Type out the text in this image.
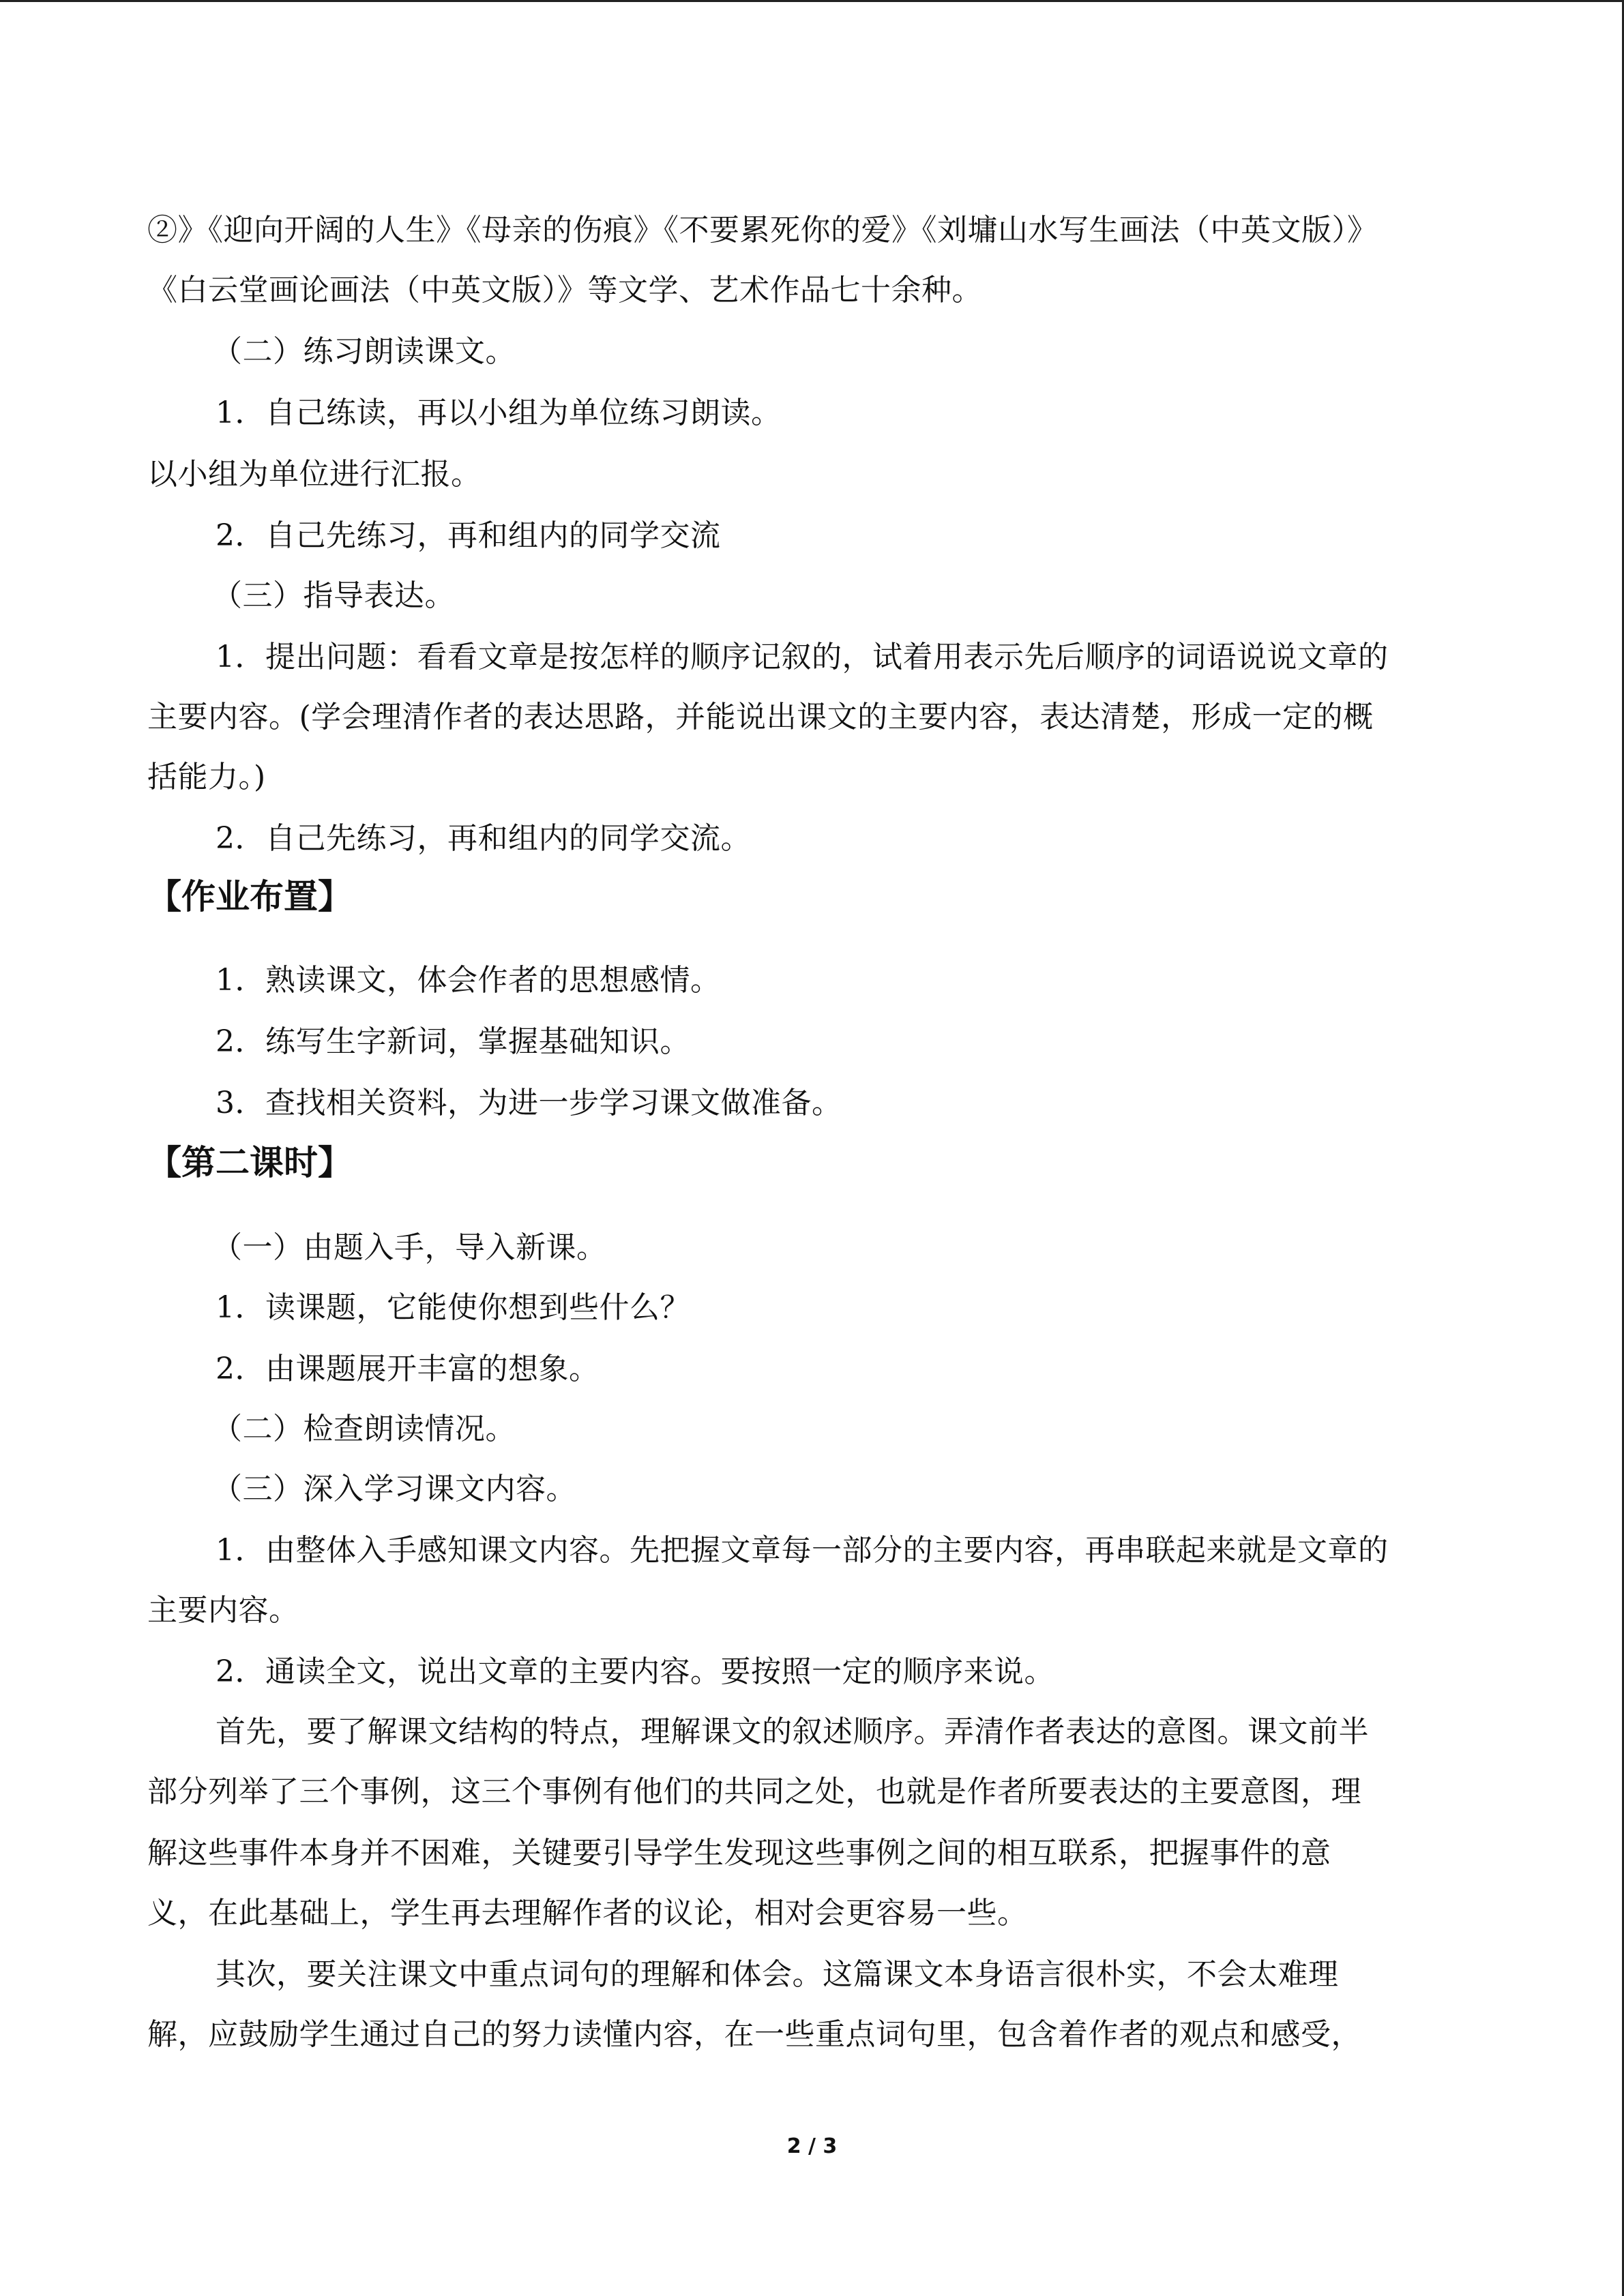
②》《迎向开阔的人生》《母亲的伤痕》《不要累死你的爱》《刘墉山水写生画法（中英文版）》
《白云堂画论画法（中英文版）》等文学、艺术作品七十余种。
（二）练习朗读课文。
1．自己练读，再以小组为单位练习朗读。
以小组为单位进行汇报。
2．自己先练习，再和组内的同学交流
（三）指导表达。
1．提出问题：看看文章是按怎样的顺序记叙的，试着用表示先后顺序的词语说说文章的
主要内容。(学会理清作者的表达思路，并能说出课文的主要内容，表达清楚，形成一定的概
括能力。)
2．自己先练习，再和组内的同学交流。
【作业布置】
1．熟读课文，体会作者的思想感情。
2．练写生字新词，掌握基础知识。
3．查找相关资料，为进一步学习课文做准备。
【第二课时】
（一）由题入手，导入新课。
1．读课题，它能使你想到些什么？
2．由课题展开丰富的想象。
（二）检查朗读情况。
（三）深入学习课文内容。
1．由整体入手感知课文内容。先把握文章每一部分的主要内容，再串联起来就是文章的
主要内容。
2．通读全文，说出文章的主要内容。要按照一定的顺序来说。
首先，要了解课文结构的特点，理解课文的叙述顺序。弄清作者表达的意图。课文前半
部分列举了三个事例，这三个事例有他们的共同之处，也就是作者所要表达的主要意图，理
解这些事件本身并不困难，关键要引导学生发现这些事例之间的相互联系，把握事件的意
义，在此基础上，学生再去理解作者的议论，相对会更容易一些。
其次，要关注课文中重点词句的理解和体会。这篇课文本身语言很朴实，不会太难理
解，应鼓励学生通过自己的努力读懂内容，在一些重点词句里，包含着作者的观点和感受，
2 / 3
